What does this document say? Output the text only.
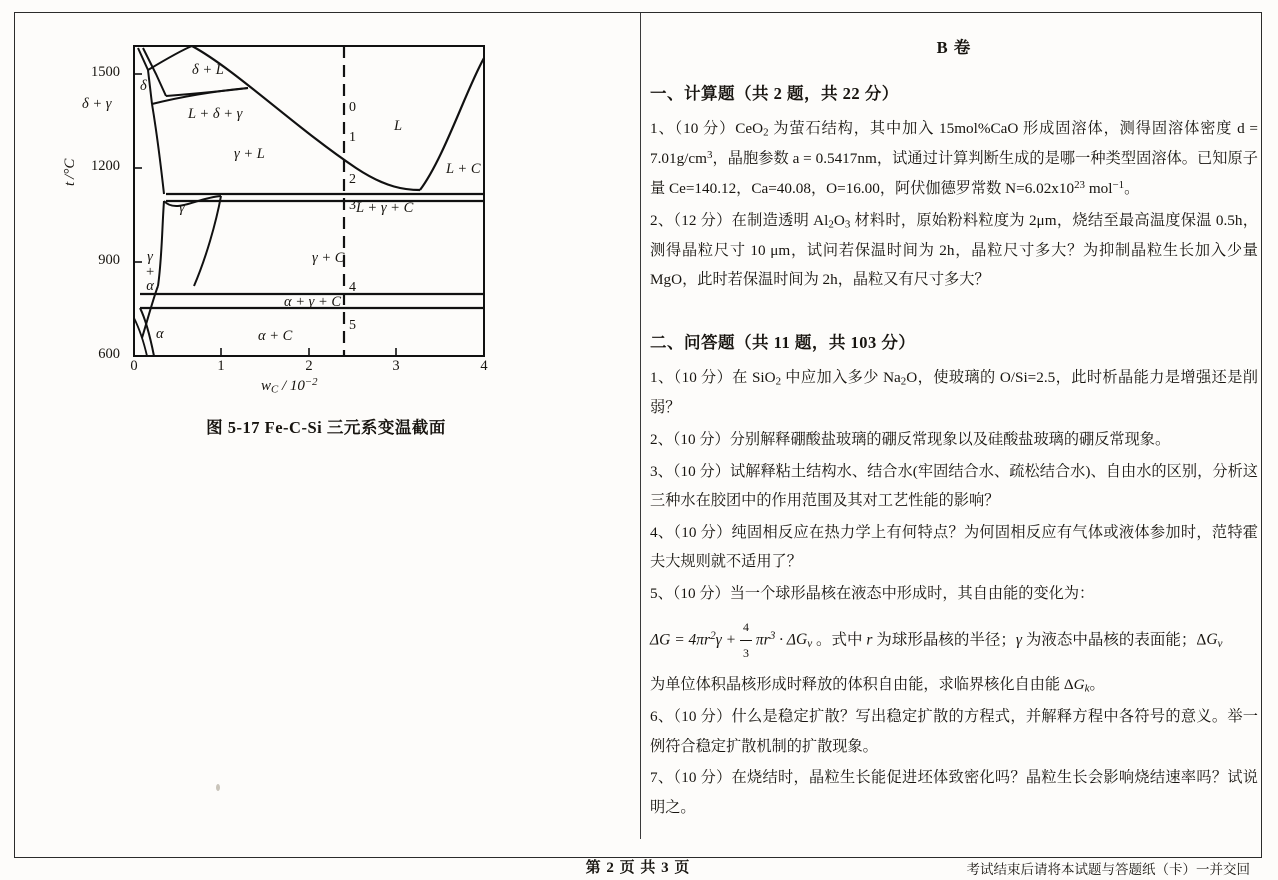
1500
1200
900
600
0	1	2	3	4
t /°C
$w_C / 10^{-2}$
δ + L
δ
δ + γ
L + δ + γ
L
γ + L
γ
L + C
L + γ + C
γ + C
α + γ + C
α + C
α
γ
+
α
0
1
2
3
4
5
图 5-17 Fe-C-Si 三元系变温截面
B 卷
一、计算题（共 2 题，共 22 分）

1、（10 分）CeO$_2$ 为萤石结构，其中加入 15mol%CaO 形成固溶体，测得固溶体密度 $d = 7.01g/cm^3$，晶胞参数 a = 0.5417nm，试通过计算判断生成的是哪一种类型固溶体。已知原子量 Ce=140.12，Ca=40.08，O=16.00，阿伏伽德罗常数 $N=6.02x10^{23}$ mol$^{-1}$。

2、（12 分）在制造透明 $Al_2O_3$ 材料时，原始粉料粒度为 2μm，烧结至最高温度保温 0.5h，测得晶粒尺寸 10 μm，试问若保温时间为 2h，晶粒尺寸多大？为抑制晶粒生长加入少量 MgO，此时若保温时间为 2h，晶粒又有尺寸多大？

二、问答题（共 11 题，共 103 分）

1、（10 分）在 SiO$_2$ 中应加入多少 $Na_2O$，使玻璃的 O/Si=2.5，此时析晶能力是增强还是削弱？

2、（10 分）分别解释硼酸盐玻璃的硼反常现象以及硅酸盐玻璃的硼反常现象。

3、（10 分）试解释粘土结构水、结合水(牢固结合水、疏松结合水)、自由水的区别，分析这三种水在胶团中的作用范围及其对工艺性能的影响？

4、（10 分）纯固相反应在热力学上有何特点？为何固相反应有气体或液体参加时，范特霍夫大规则就不适用了？

5、（10 分）当一个球形晶核在液态中形成时，其自由能的变化为：

$\Delta G = 4\pi r^2\gamma + \frac{4}{3} \pi r^3 \cdot \Delta G_v$ 。式中 r 为球形晶核的半径；γ 为液态中晶核的表面能；$\Delta G_v$

为单位体积晶核形成时释放的体积自由能，求临界核化自由能 $\Delta G_k$。

6、（10 分）什么是稳定扩散？写出稳定扩散的方程式，并解释方程中各符号的意义。举一例符合稳定扩散机制的扩散现象。

7、（10 分）在烧结时，晶粒生长能促进坯体致密化吗？晶粒生长会影响烧结速率吗？试说明之。

第 2 页 共 3 页	考试结束后请将本试题与答题纸（卡）一并交回
